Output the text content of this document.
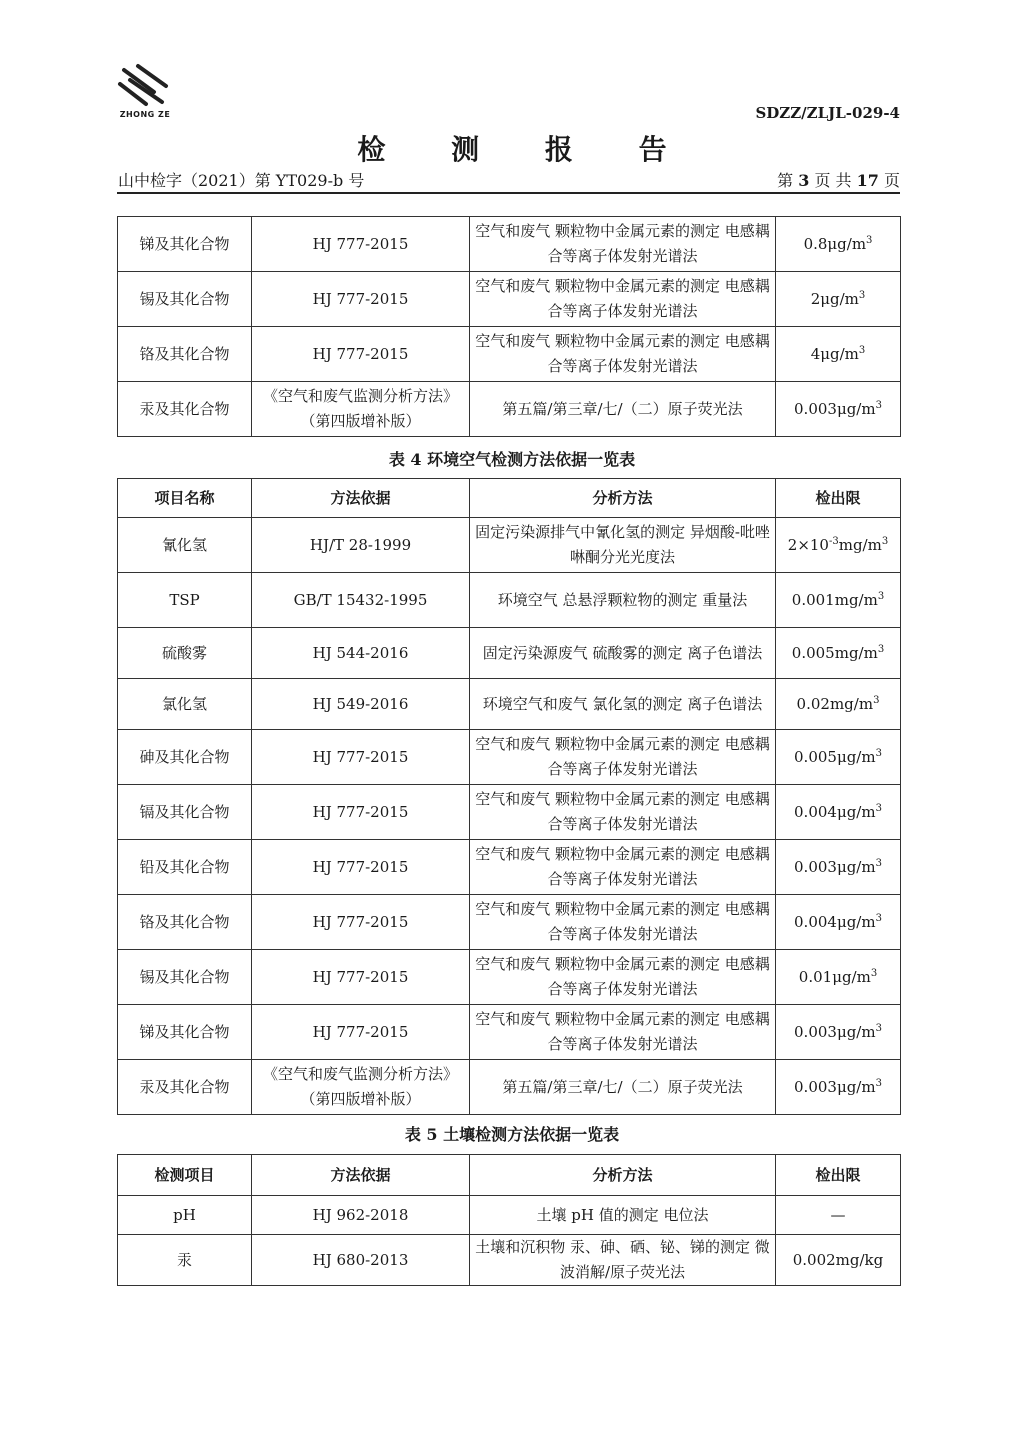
ZHONG ZE	SDZZ/ZLJL-029-4
检 测 报 告
山中检字（2021）第 YT029-b 号	第 3 页 共 17 页
锑及其化合物	HJ 777-2015	空气和废气 颗粒物中金属元素的测定 电感耦合等离子体发射光谱法	$0.8\mu g/m^3$
锡及其化合物	HJ 777-2015	空气和废气 颗粒物中金属元素的测定 电感耦合等离子体发射光谱法	$2\mu g/m^3$
铬及其化合物	HJ 777-2015	空气和废气 颗粒物中金属元素的测定 电感耦合等离子体发射光谱法	$4\mu g/m^3$
汞及其化合物	《空气和废气监测分析方法》（第四版增补版）	第五篇/第三章/七/（二）原子荧光法	$0.003\mu g/m^3$
表 4 环境空气检测方法依据一览表
项目名称	方法依据	分析方法	检出限
氰化氢	HJ/T 28-1999	固定污染源排气中氰化氢的测定 异烟酸-吡唑啉酮分光光度法	$2\times 10^{-3}mg/m^3$
TSP	GB/T 15432-1995	环境空气 总悬浮颗粒物的测定 重量法	$0.001mg/m^3$
硫酸雾	HJ 544-2016	固定污染源废气 硫酸雾的测定 离子色谱法	$0.005mg/m^3$
氯化氢	HJ 549-2016	环境空气和废气 氯化氢的测定 离子色谱法	$0.02mg/m^3$
砷及其化合物	HJ 777-2015	空气和废气 颗粒物中金属元素的测定 电感耦合等离子体发射光谱法	$0.005\mu g/m^3$
镉及其化合物	HJ 777-2015	空气和废气 颗粒物中金属元素的测定 电感耦合等离子体发射光谱法	$0.004\mu g/m^3$
铅及其化合物	HJ 777-2015	空气和废气 颗粒物中金属元素的测定 电感耦合等离子体发射光谱法	$0.003\mu g/m^3$
铬及其化合物	HJ 777-2015	空气和废气 颗粒物中金属元素的测定 电感耦合等离子体发射光谱法	$0.004\mu g/m^3$
锡及其化合物	HJ 777-2015	空气和废气 颗粒物中金属元素的测定 电感耦合等离子体发射光谱法	$0.01\mu g/m^3$
锑及其化合物	HJ 777-2015	空气和废气 颗粒物中金属元素的测定 电感耦合等离子体发射光谱法	$0.003\mu g/m^3$
汞及其化合物	《空气和废气监测分析方法》（第四版增补版）	第五篇/第三章/七/（二）原子荧光法	$0.003\mu g/m^3$
表 5 土壤检测方法依据一览表
检测项目	方法依据	分析方法	检出限
pH	HJ 962-2018	土壤 pH 值的测定 电位法	—
汞	HJ 680-2013	土壤和沉积物 汞、砷、硒、铋、锑的测定 微波消解/原子荧光法	0.002mg/kg
